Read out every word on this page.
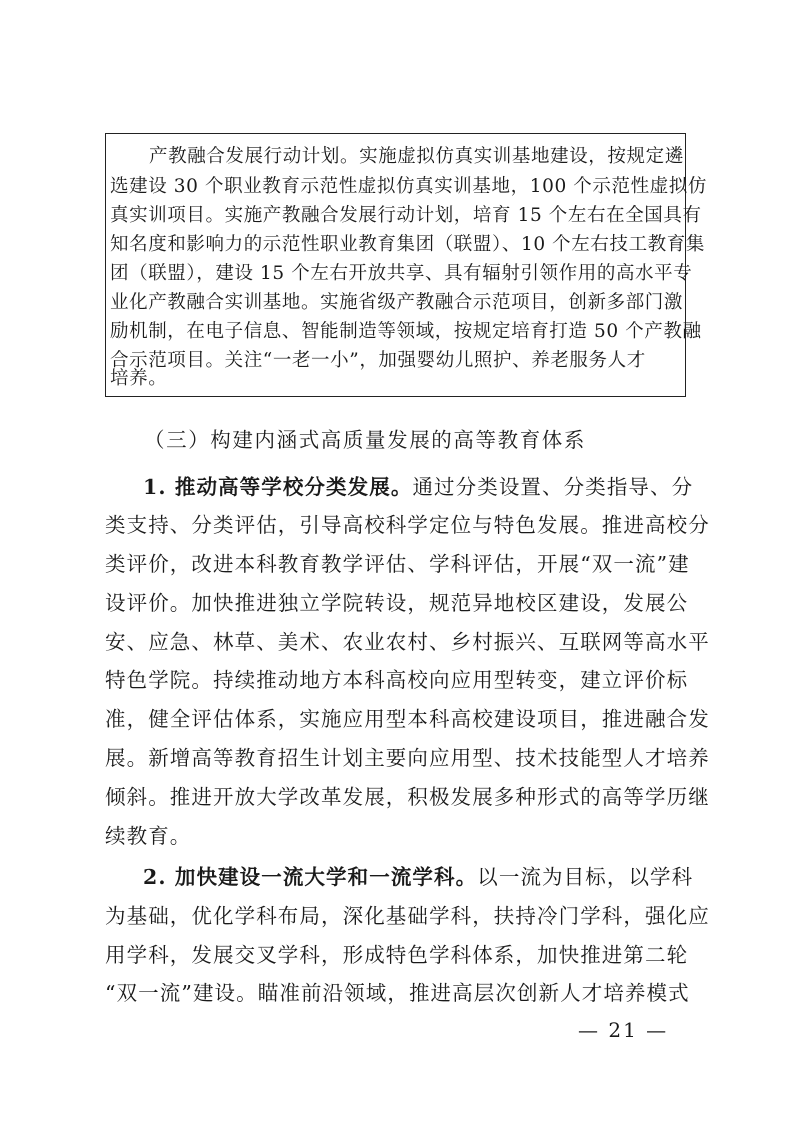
产教融合发展行动计划。实施虚拟仿真实训基地建设，按规定遴
选建设 30 个职业教育示范性虚拟仿真实训基地，100 个示范性虚拟仿
真实训项目。实施产教融合发展行动计划，培育 15 个左右在全国具有
知名度和影响力的示范性职业教育集团（联盟）、10 个左右技工教育集
团（联盟），建设 15 个左右开放共享、具有辐射引领作用的高水平专
业化产教融合实训基地。实施省级产教融合示范项目，创新多部门激
励机制，在电子信息、智能制造等领域，按规定培育打造 50 个产教融
合示范项目。关注“一老一小”，加强婴幼儿照护、养老服务人才
培养。
（三）构建内涵式高质量发展的高等教育体系
1. 推动高等学校分类发展。通过分类设置、分类指导、分
类支持、分类评估，引导高校科学定位与特色发展。推进高校分
类评价，改进本科教育教学评估、学科评估，开展“双一流”建
设评价。加快推进独立学院转设，规范异地校区建设，发展公
安、应急、林草、美术、农业农村、乡村振兴、互联网等高水平
特色学院。持续推动地方本科高校向应用型转变，建立评价标
准，健全评估体系，实施应用型本科高校建设项目，推进融合发
展。新增高等教育招生计划主要向应用型、技术技能型人才培养
倾斜。推进开放大学改革发展，积极发展多种形式的高等学历继
续教育。
2. 加快建设一流大学和一流学科。以一流为目标，以学科
为基础，优化学科布局，深化基础学科，扶持冷门学科，强化应
用学科，发展交叉学科，形成特色学科体系，加快推进第二轮
“双一流”建设。瞄准前沿领域，推进高层次创新人才培养模式
— 21 —
